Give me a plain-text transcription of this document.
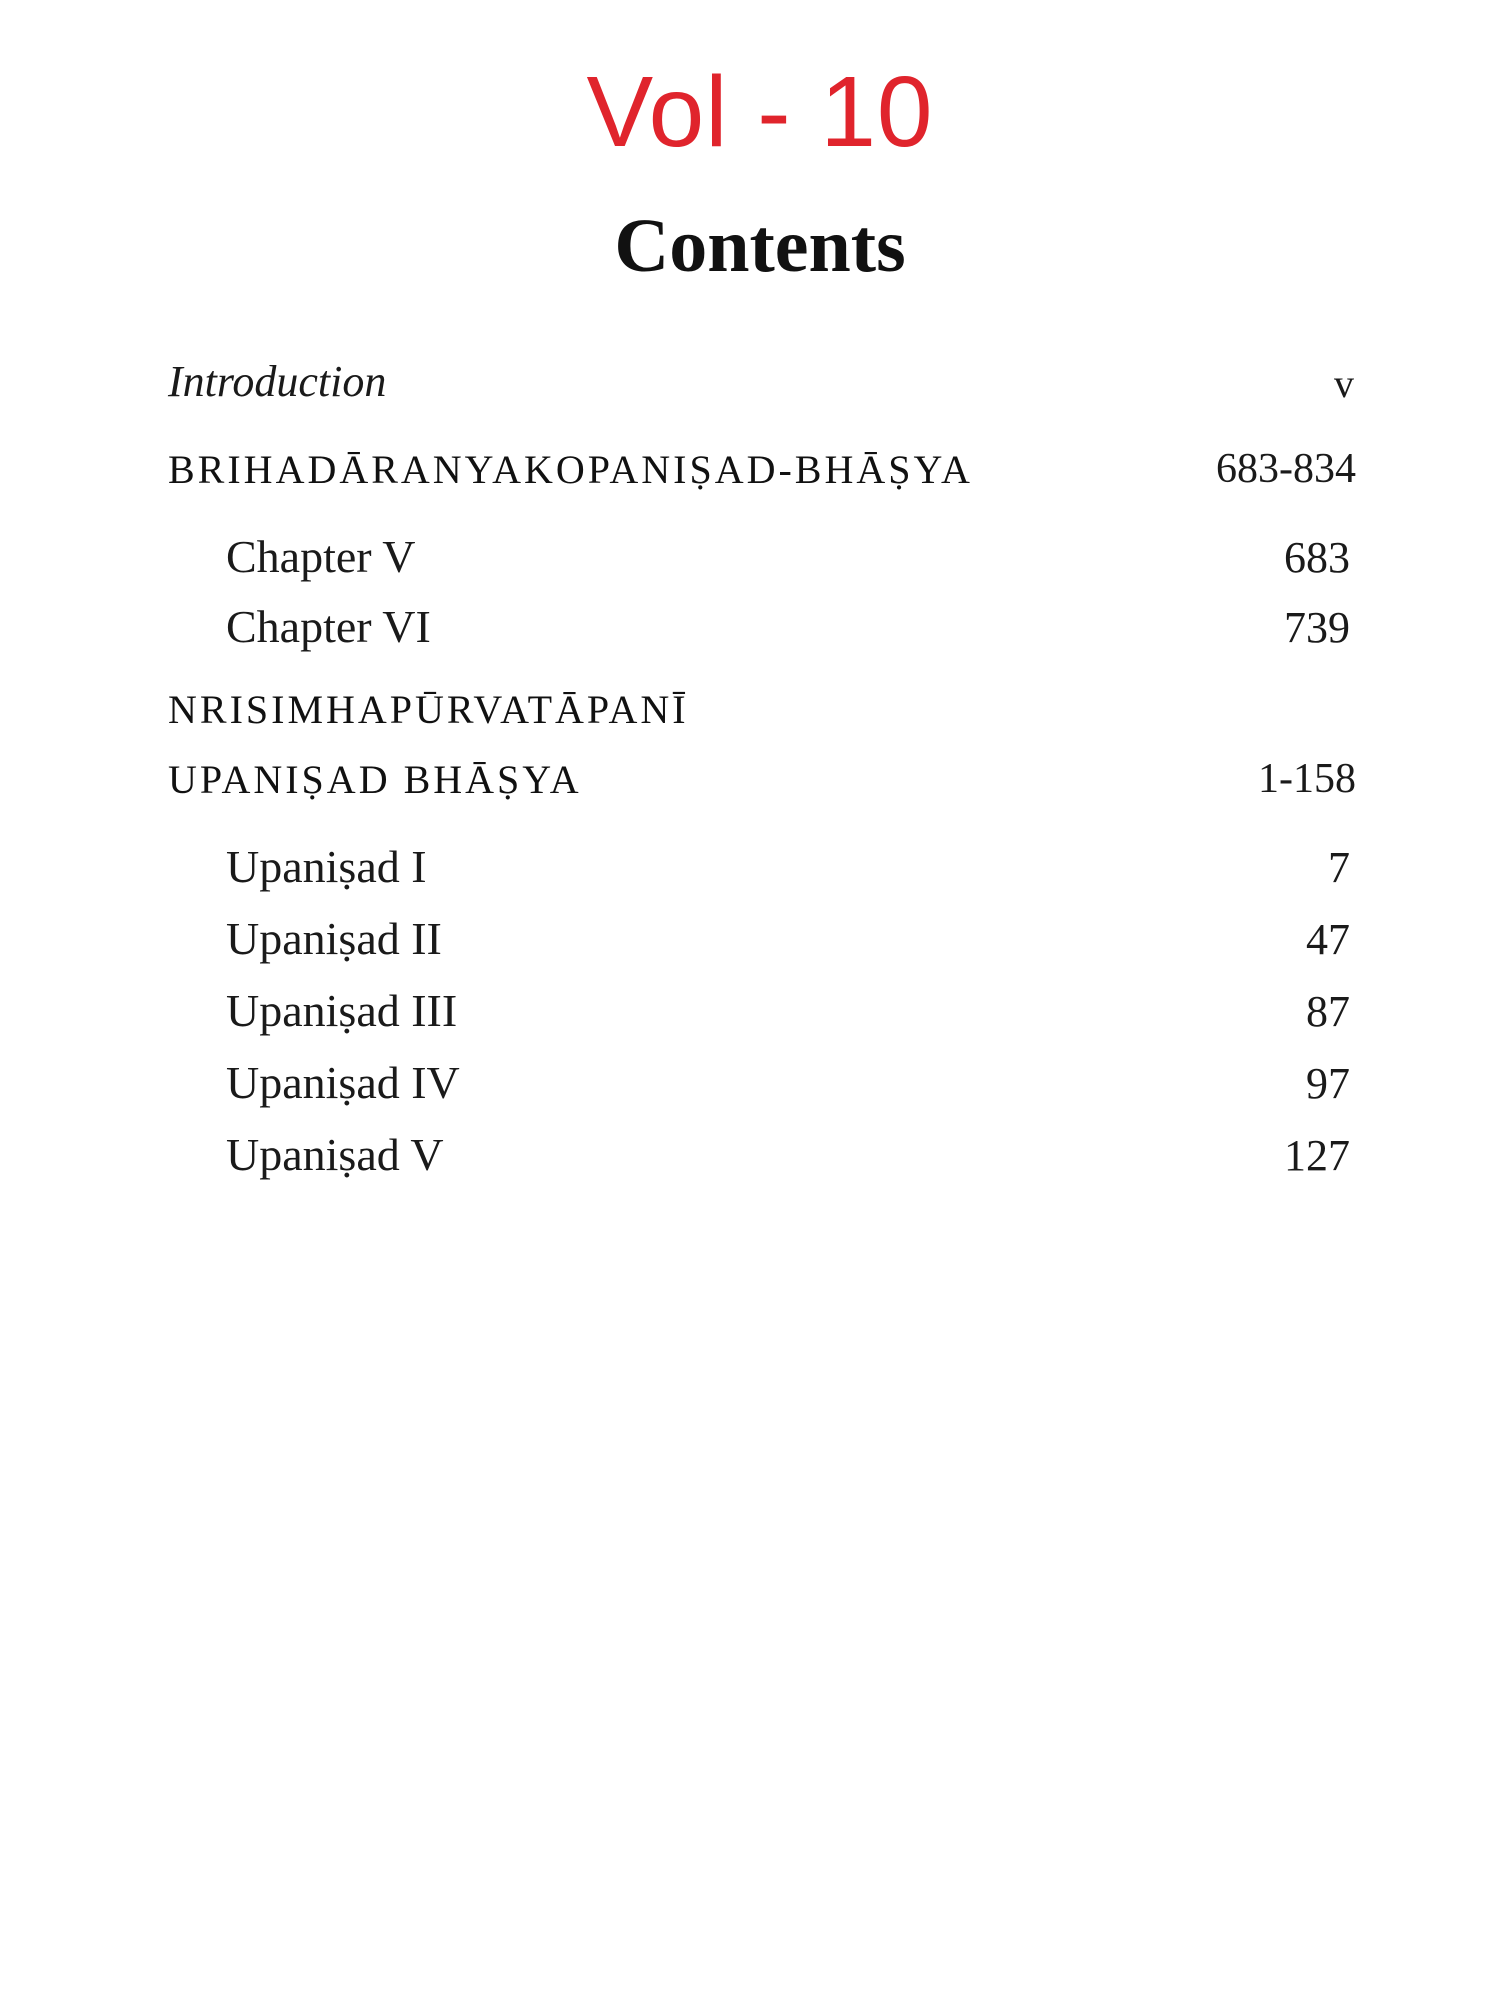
Vol - 10
Contents
Introduction	v
BRIHADĀRANYAKOPANIṢAD-BHĀṢYA	683-834
Chapter V	683
Chapter VI	739
NRISIMHAPŪRVATĀPANĪ
UPANIṢAD BHĀṢYA	1-158
Upaniṣad I	7
Upaniṣad II	47
Upaniṣad III	87
Upaniṣad IV	97
Upaniṣad V	127
